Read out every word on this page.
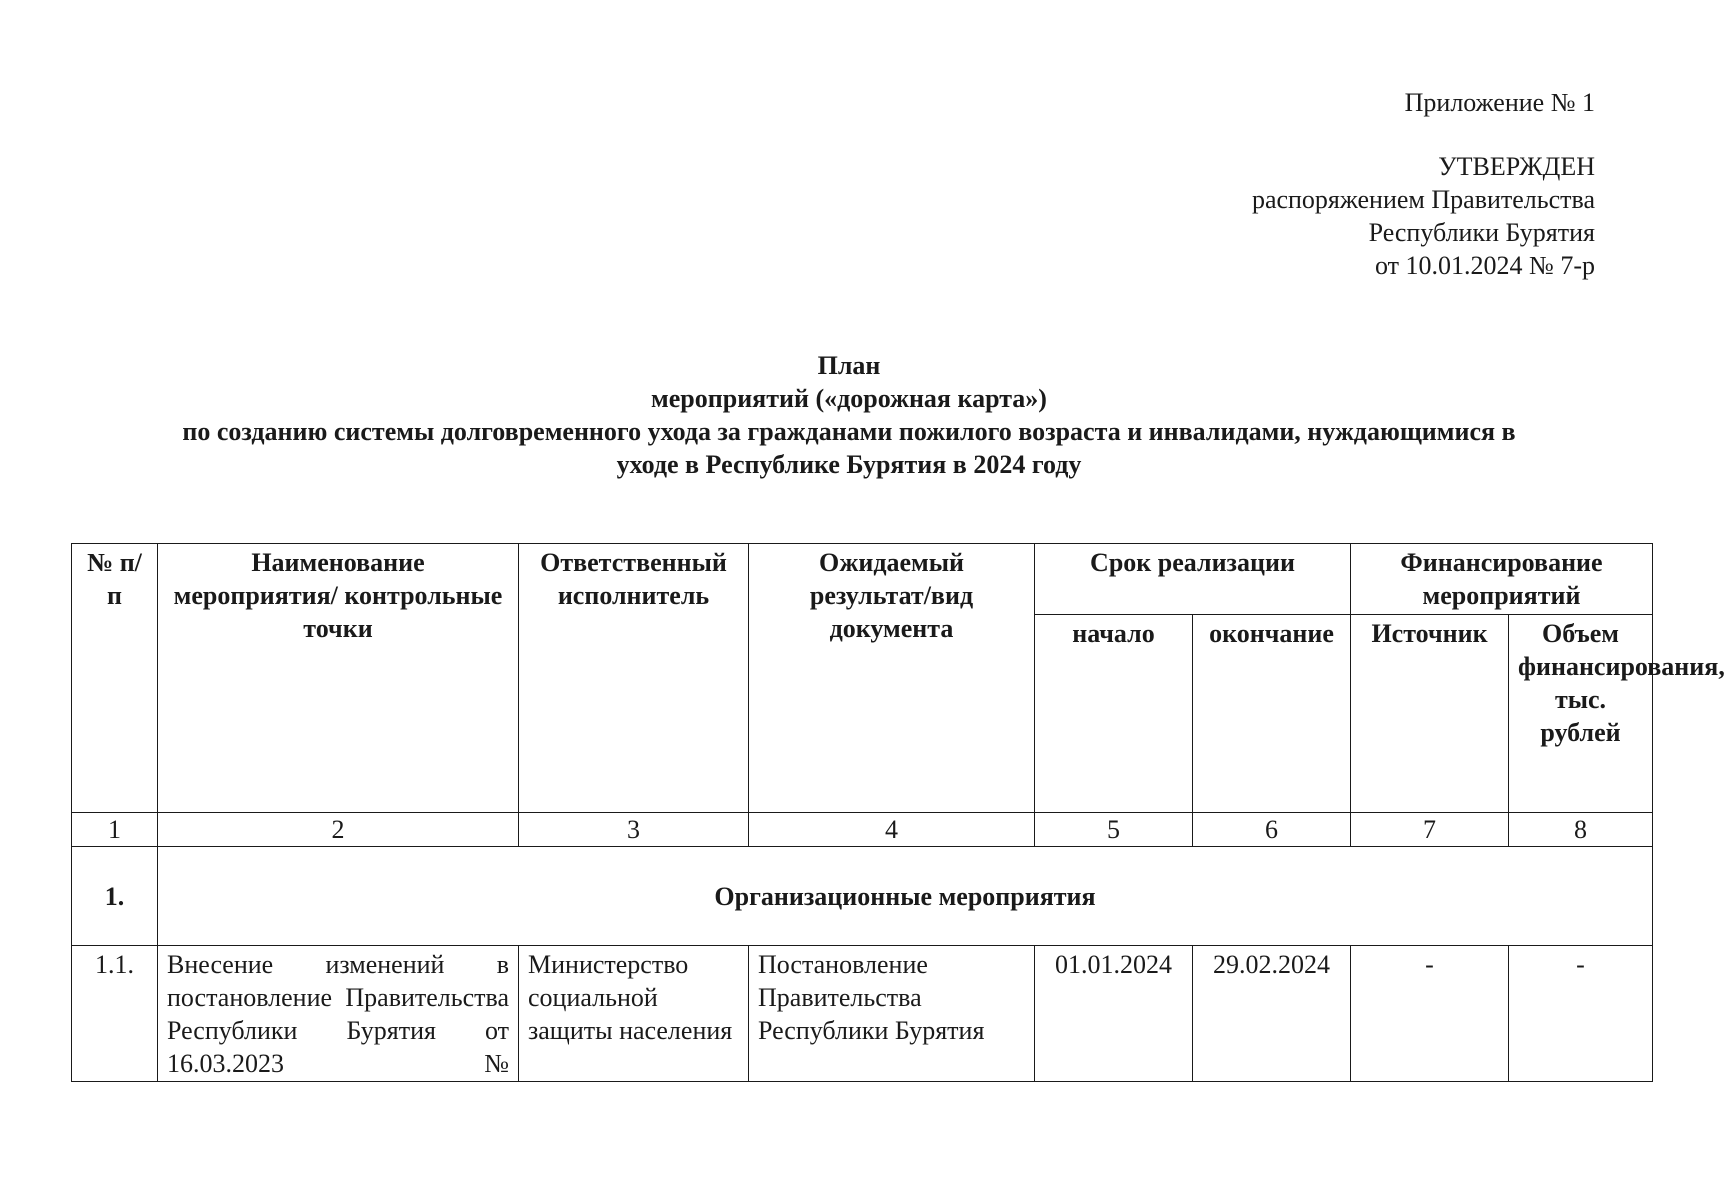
Приложение № 1
УТВЕРЖДЕН
распоряжением Правительства
Республики Бурятия
от 10.01.2024 № 7-р
План
мероприятий («дорожная карта»)
по созданию системы долговременного ухода за гражданами пожилого возраста и инвалидами, нуждающимися в
уходе в Республике Бурятия в 2024 году
№ п/п	Наименование мероприятия/ контрольные точки	Ответственный исполнитель	Ожидаемый результат/вид документа	Срок реализации		Финансирование мероприятий	
				начало	окончание	Источник	Объем финансирования, тыс. рублей
1	2	3	4	5	6	7	8
1.	Организационные мероприятия						

1.1.	Внесение изменений в постановление Правительства Республики Бурятия от 16.03.2023 №	Министерство социальной защиты населения	Постановление Правительства Республики Бурятия	01.01.2024	29.02.2024	-	-
